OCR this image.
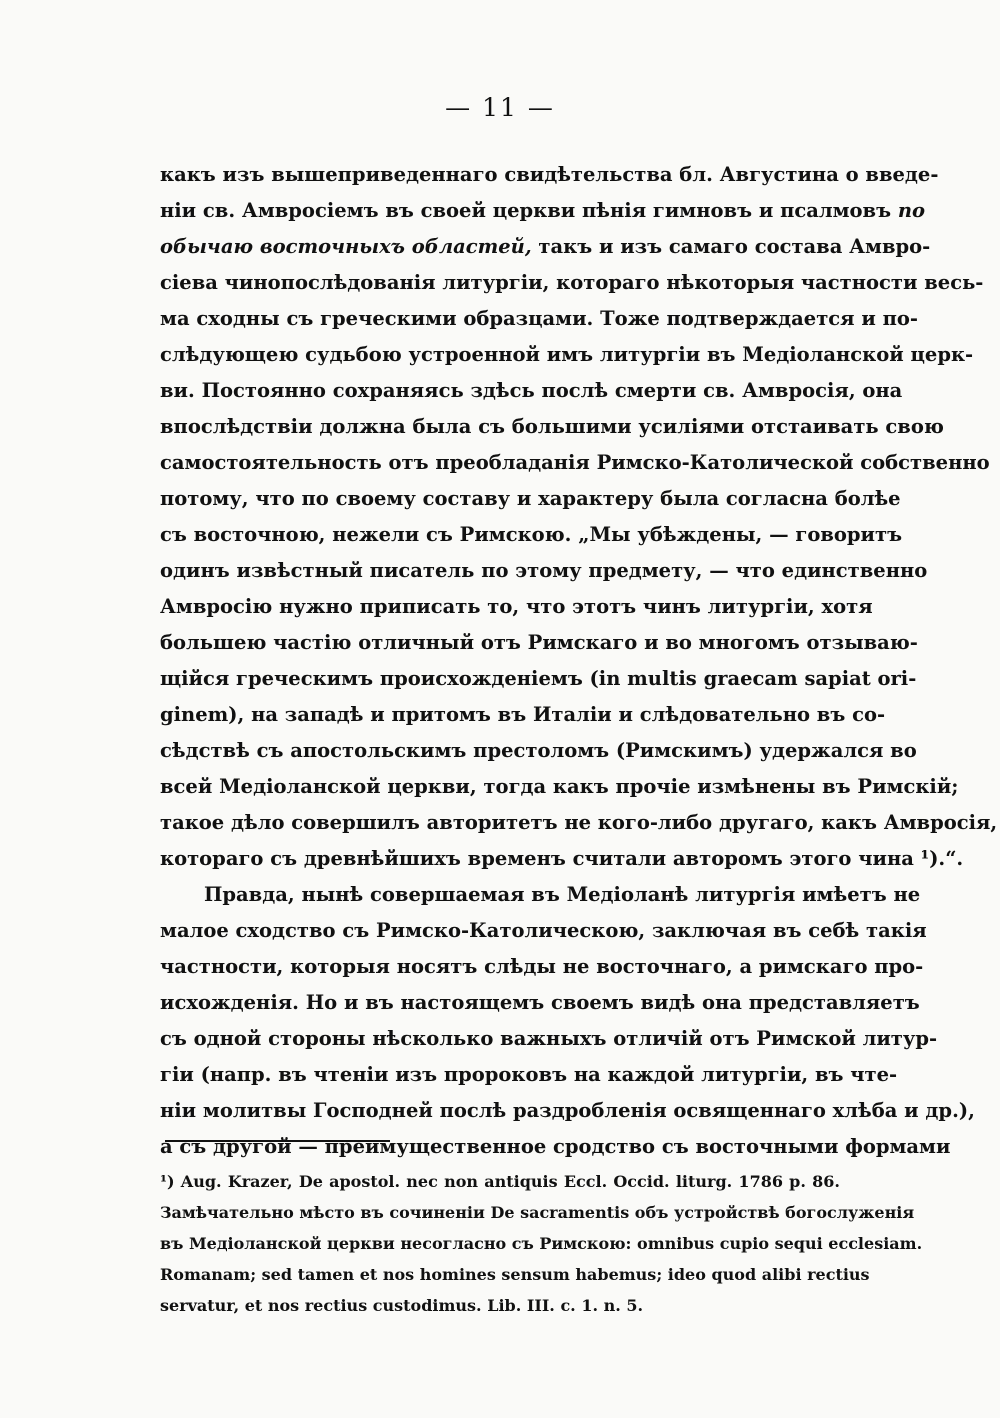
— 11 —
какъ изъ вышеприведеннаго свидѣтельства бл. Августина о введе-
ніи св. Амвросіемъ въ своей церкви пѣнія гимновъ и псалмовъ по
обычаю восточныхъ областей, такъ и изъ самаго состава Амвро-
сіева чинопослѣдованія литургіи, котораго нѣкоторыя частности весь-
ма сходны съ греческими образцами. Тоже подтверждается и по-
слѣдующею судьбою устроенной имъ литургіи въ Медіоланской церк-
ви. Постоянно сохраняясь здѣсь послѣ смерти св. Амвросія, она
впослѣдствіи должна была съ большими усиліями отстаивать свою
самостоятельность отъ преобладанія Римско-Католической собственно
потому, что по своему составу и характеру была согласна болѣе
съ восточною, нежели съ Римскою. „Мы убѣждены, — говоритъ
одинъ извѣстный писатель по этому предмету, — что единственно
Амвросію нужно приписать то, что этотъ чинъ литургіи, хотя
большею частію отличный отъ Римскаго и во многомъ отзываю-
щійся греческимъ происхожденіемъ (in multis graecam sapiat ori-
ginem), на западѣ и притомъ въ Италіи и слѣдовательно въ со-
сѣдствѣ съ апостольскимъ престоломъ (Римскимъ) удержался во
всей Медіоланской церкви, тогда какъ прочіе измѣнены въ Римскій;
такое дѣло совершилъ авторитетъ не кого-либо другаго, какъ Амвросія,
котораго съ древнѣйшихъ временъ считали авторомъ этого чина ¹).“.
Правда, нынѣ совершаемая въ Медіоланѣ литургія имѣетъ не
малое сходство съ Римско-Католическою, заключая въ себѣ такія
частности, которыя носятъ слѣды не восточнаго, а римскаго про-
исхожденія. Но и въ настоящемъ своемъ видѣ она представляетъ
съ одной стороны нѣсколько важныхъ отличій отъ Римской литур-
гіи (напр. въ чтеніи изъ пророковъ на каждой литургіи, въ чте-
ніи молитвы Господней послѣ раздробленія освященнаго хлѣба и др.),
а съ другой — преимущественное сродство съ восточными формами
¹) Aug. Krazer, De apostol. nec non antiquis Eccl. Occid. liturg. 1786 p. 86.
Замѣчательно мѣсто въ сочиненіи De sacramentis объ устройствѣ богослуженія
въ Медіоланской церкви несогласно съ Римскою: omnibus cupio sequi ecclesiam.
Romanam; sed tamen et nos homines sensum habemus; ideo quod alibi rectius
servatur, et nos rectius custodimus. Lib. III. c. 1. n. 5.
